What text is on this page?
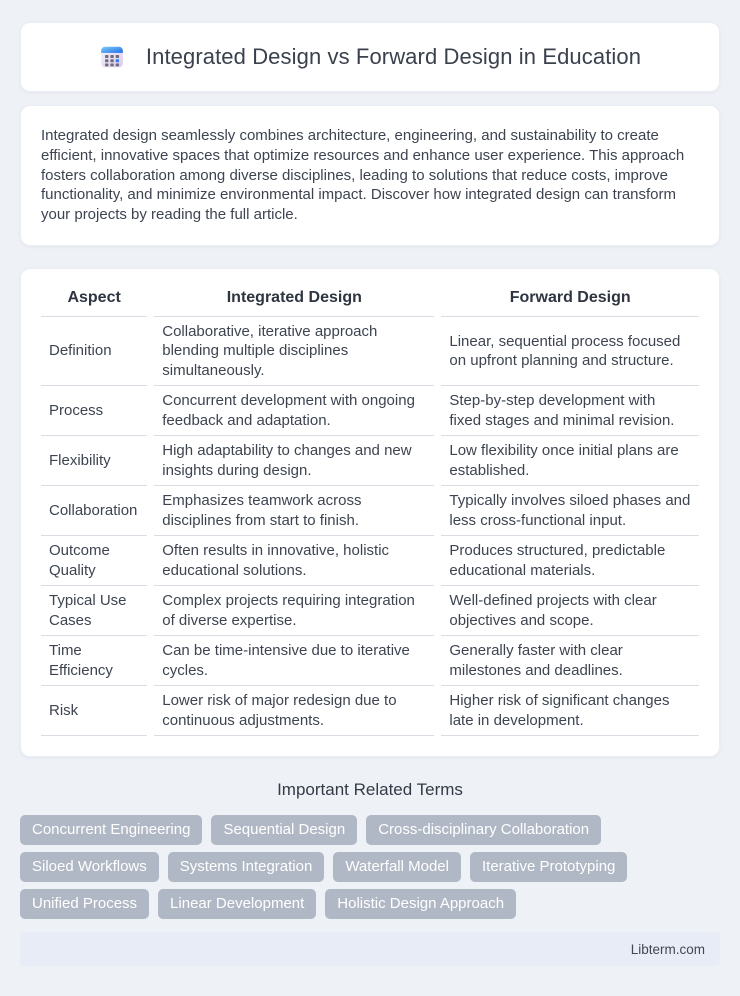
Integrated Design vs Forward Design in Education

Integrated design seamlessly combines architecture, engineering, and sustainability to create efficient, innovative spaces that optimize resources and enhance user experience. This approach fosters collaboration among diverse disciplines, leading to solutions that reduce costs, improve functionality, and minimize environmental impact. Discover how integrated design can transform your projects by reading the full article.

Aspect	Integrated Design	Forward Design
Definition	Collaborative, iterative approach blending multiple disciplines simultaneously.	Linear, sequential process focused on upfront planning and structure.
Process	Concurrent development with ongoing feedback and adaptation.	Step-by-step development with fixed stages and minimal revision.
Flexibility	High adaptability to changes and new insights during design.	Low flexibility once initial plans are established.
Collaboration	Emphasizes teamwork across disciplines from start to finish.	Typically involves siloed phases and less cross-functional input.
Outcome Quality	Often results in innovative, holistic educational solutions.	Produces structured, predictable educational materials.
Typical Use Cases	Complex projects requiring integration of diverse expertise.	Well-defined projects with clear objectives and scope.
Time Efficiency	Can be time-intensive due to iterative cycles.	Generally faster with clear milestones and deadlines.
Risk	Lower risk of major redesign due to continuous adjustments.	Higher risk of significant changes late in development.
Important Related Terms
Concurrent Engineering	Sequential Design	Cross-disciplinary Collaboration
Siloed Workflows	Systems Integration	Waterfall Model	Iterative Prototyping
Unified Process	Linear Development	Holistic Design Approach
Libterm.com
